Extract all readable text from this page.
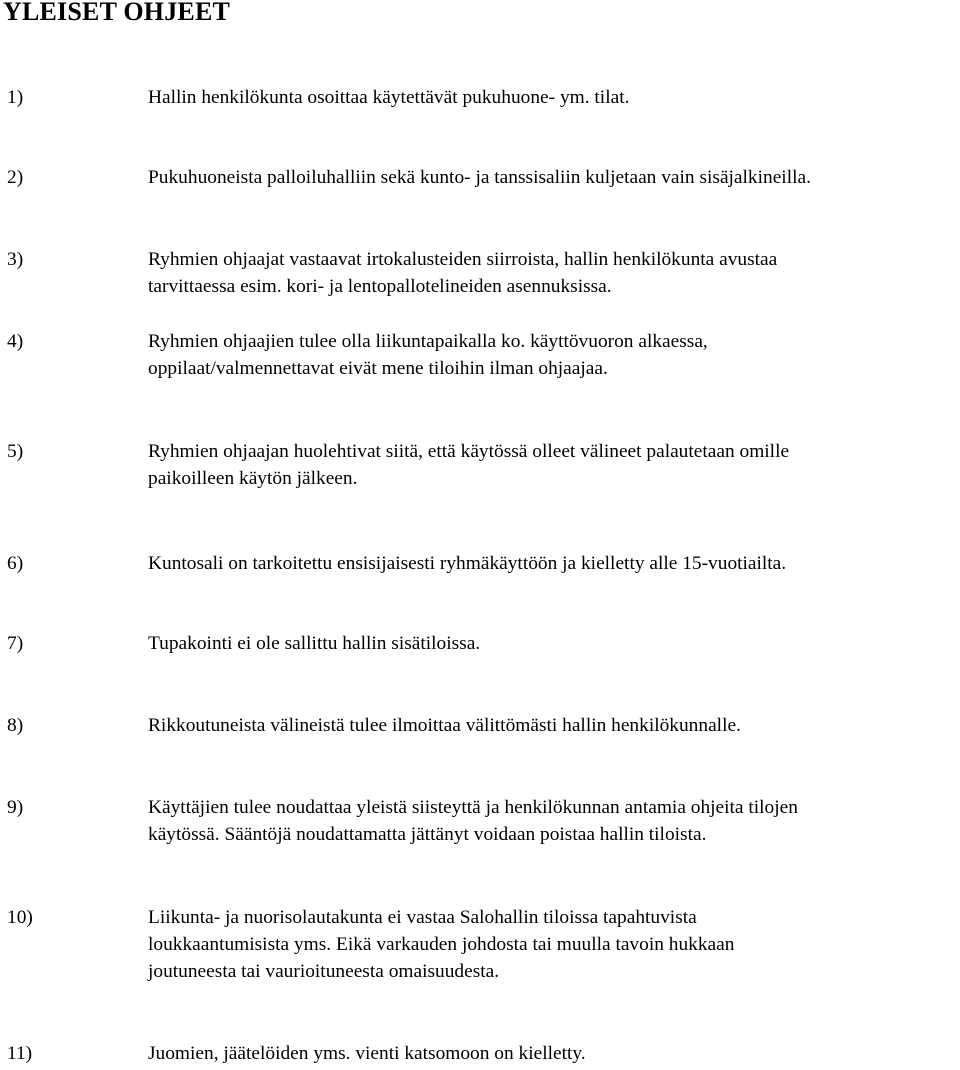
YLEISET OHJEET
1)	Hallin henkilökunta osoittaa käytettävät pukuhuone- ym. tilat.
2)	Pukuhuoneista palloiluhalliin sekä kunto- ja tanssisaliin kuljetaan vain sisäjalkineilla.
3)	Ryhmien ohjaajat vastaavat irtokalusteiden siirroista, hallin henkilökunta avustaa
tarvittaessa esim. kori- ja lentopallotelineiden asennuksissa.
4)	Ryhmien ohjaajien tulee olla liikuntapaikalla ko. käyttövuoron alkaessa,
oppilaat/valmennettavat eivät mene tiloihin ilman ohjaajaa.
5)	Ryhmien ohjaajan huolehtivat siitä, että käytössä olleet välineet palautetaan omille
paikoilleen käytön jälkeen.
6)	Kuntosali on tarkoitettu ensisijaisesti ryhmäkäyttöön ja kielletty alle 15-vuotiailta.
7)	Tupakointi ei ole sallittu hallin sisätiloissa.
8)	Rikkoutuneista välineistä tulee ilmoittaa välittömästi hallin henkilökunnalle.
9)	Käyttäjien tulee noudattaa yleistä siisteyttä ja henkilökunnan antamia ohjeita tilojen
käytössä. Sääntöjä noudattamatta jättänyt voidaan poistaa hallin tiloista.
10)	Liikunta- ja nuorisolautakunta ei vastaa Salohallin tiloissa tapahtuvista
loukkaantumisista yms. Eikä varkauden johdosta tai muulla tavoin hukkaan
joutuneesta tai vaurioituneesta omaisuudesta.
11)	Juomien, jäätelöiden yms. vienti katsomoon on kielletty.
